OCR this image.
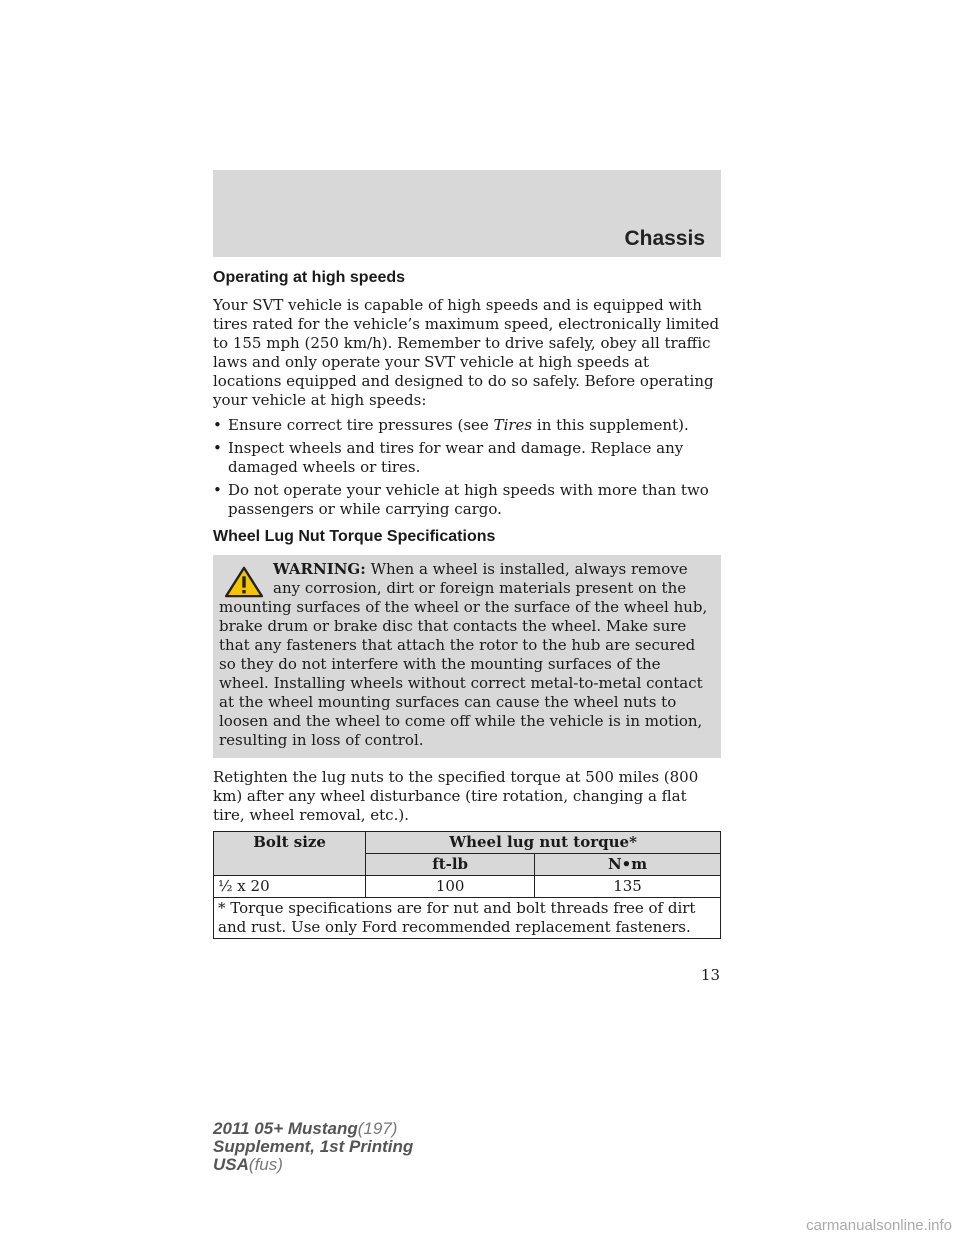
Chassis
Operating at high speeds

Your SVT vehicle is capable of high speeds and is equipped with tires rated for the vehicle’s maximum speed, electronically limited to 155 mph (250 km/h). Remember to drive safely, obey all traffic laws and only operate your SVT vehicle at high speeds at locations equipped and designed to do so safely. Before operating your vehicle at high speeds:

• Ensure correct tire pressures (see Tires in this supplement).
• Inspect wheels and tires for wear and damage. Replace any damaged wheels or tires.
• Do not operate your vehicle at high speeds with more than two passengers or while carrying cargo.
Wheel Lug Nut Torque Specifications
WARNING: When a wheel is installed, always remove any corrosion, dirt or foreign materials present on the mounting surfaces of the wheel or the surface of the wheel hub, brake drum or brake disc that contacts the wheel. Make sure that any fasteners that attach the rotor to the hub are secured so they do not interfere with the mounting surfaces of the wheel. Installing wheels without correct metal-to-metal contact at the wheel mounting surfaces can cause the wheel nuts to loosen and the wheel to come off while the vehicle is in motion, resulting in loss of control.

Retighten the lug nuts to the specified torque at 500 miles (800 km) after any wheel disturbance (tire rotation, changing a flat tire, wheel removal, etc.).

Bolt size	Wheel lug nut torque*	
	ft-lb	N•m
½ x 20	100	135
* Torque specifications are for nut and bolt threads free of dirt and rust. Use only Ford recommended replacement fasteners.		
13
2011 05+ Mustang(197)
Supplement, 1st Printing
USA(fus)
carmanualsonline.info
